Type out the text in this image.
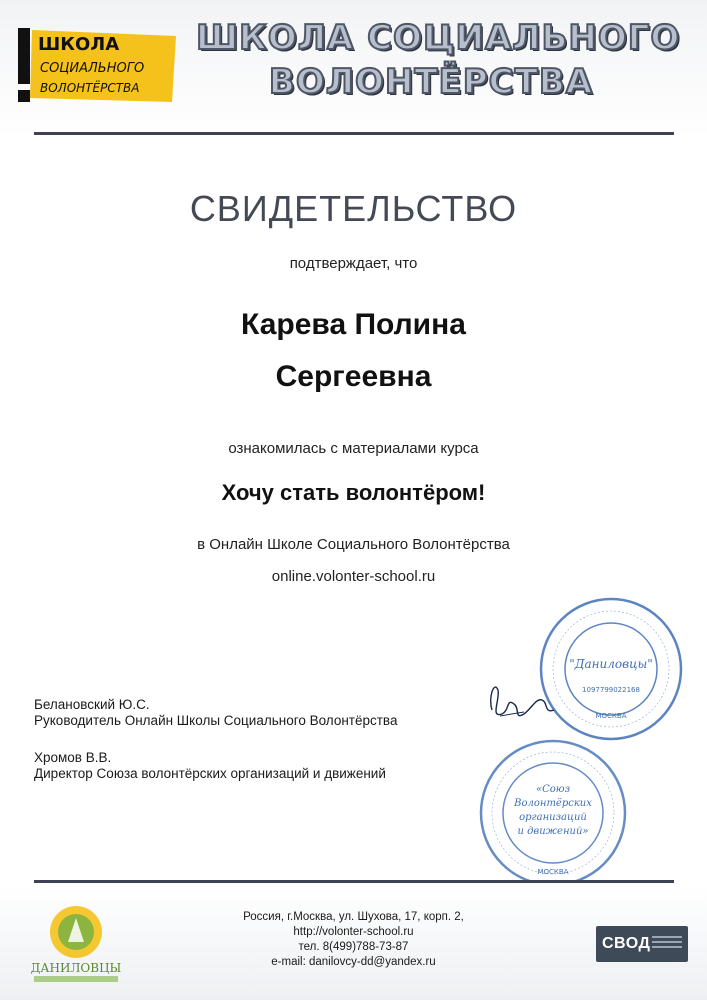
ШКОЛА
СОЦИАЛЬНОГО
ВОЛОНТЁРСТВА
ШКОЛА СОЦИАЛЬНОГО
ВОЛОНТЁРСТВА
СВИДЕТЕЛЬСТВО
подтверждает, что
Карева Полина
Сергеевна
ознакомилась с материалами курса
Хочу стать волонтёром!
в Онлайн Школе Социального Волонтёрства
online.volonter-school.ru
"Даниловцы"
1097799022168
МОСКВА
Белановский Ю.С.
Руководитель Онлайн Школы Социального Волонтёрства
Хромов В.В.
Директор Союза волонтёрских организаций и движений
«Союз
Волонтёрских
организаций
и движений»
МОСКВА
ДАНИЛОВЦЫ
Россия, г.Москва, ул. Шухова, 17, корп. 2,
http://volonter-school.ru
тел. 8(499)788-73-87
e-mail: danilovcy-dd@yandex.ru
СВОД
